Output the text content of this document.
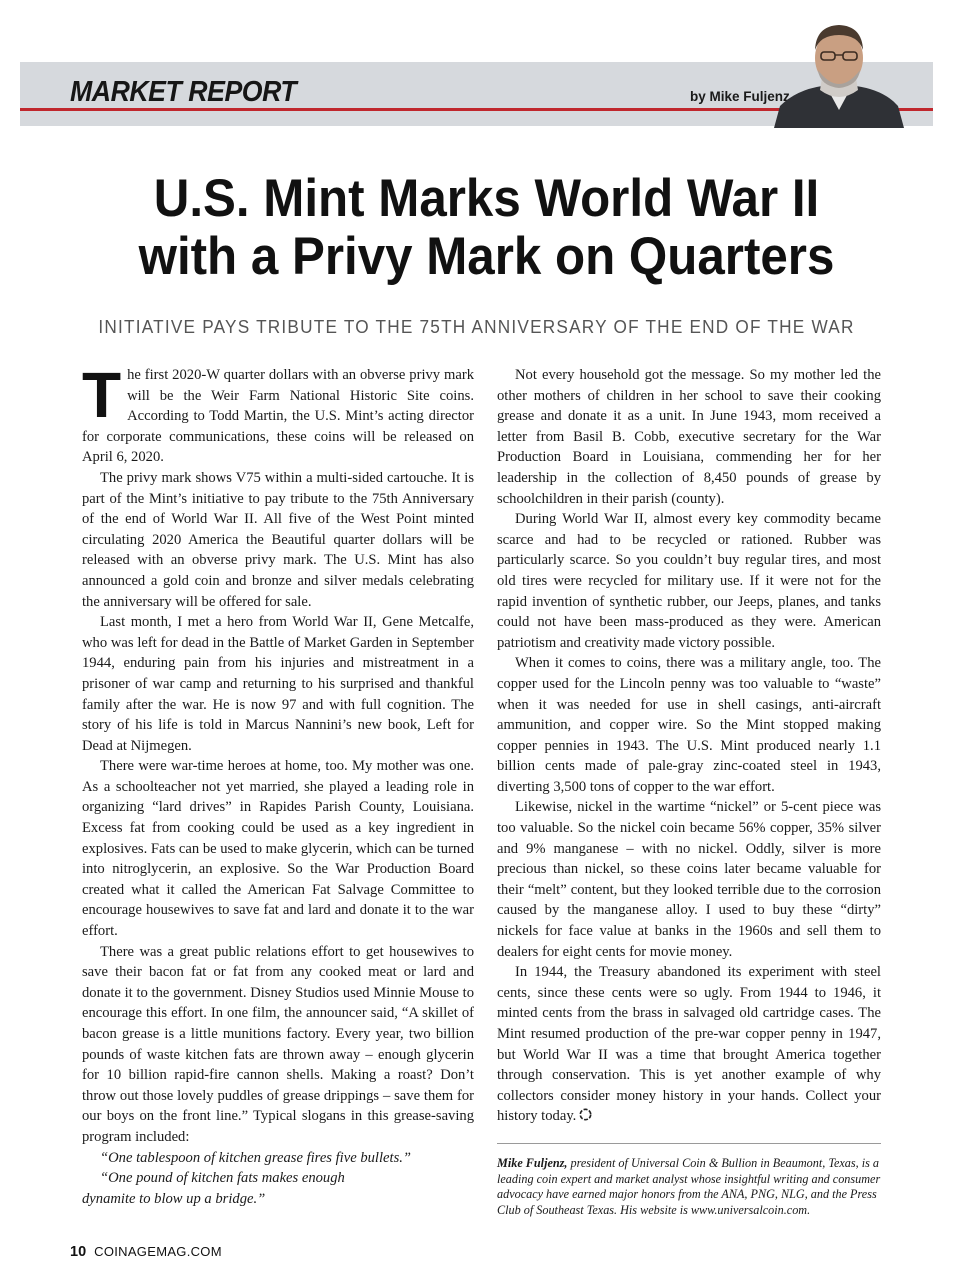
MARKET REPORT	by Mike Fuljenz
U.S. Mint Marks World War II
with a Privy Mark on Quarters
INITIATIVE PAYS TRIBUTE TO THE 75TH ANNIVERSARY OF THE END OF THE WAR

The first 2020-W quarter dollars with an obverse privy mark will be the Weir Farm National Historic Site coins. According to Todd Martin, the U.S. Mint’s acting director for corporate communications, these coins will be released on April 6, 2020.

The privy mark shows V75 within a multi-sided cartouche. It is part of the Mint’s initiative to pay tribute to the 75th Anniversary of the end of World War II. All five of the West Point minted circulating 2020 America the Beautiful quarter dollars will be released with an obverse privy mark. The U.S. Mint has also announced a gold coin and bronze and silver medals celebrating the anniversary will be offered for sale.

Last month, I met a hero from World War II, Gene Metcalfe, who was left for dead in the Battle of Market Garden in September 1944, enduring pain from his injuries and mistreatment in a prisoner of war camp and returning to his surprised and thankful family after the war. He is now 97 and with full cognition. The story of his life is told in Marcus Nannini’s new book, Left for Dead at Nijmegen.

There were war-time heroes at home, too. My mother was one. As a schoolteacher not yet married, she played a leading role in organizing “lard drives” in Rapides Parish County, Louisiana. Excess fat from cooking could be used as a key ingredient in explosives. Fats can be used to make glycerin, which can be turned into nitroglycerin, an explosive. So the War Production Board created what it called the American Fat Salvage Committee to encourage housewives to save fat and lard and donate it to the war effort.

There was a great public relations effort to get housewives to save their bacon fat or fat from any cooked meat or lard and donate it to the government. Disney Studios used Minnie Mouse to encourage this effort. In one film, the announcer said, “A skillet of bacon grease is a little munitions factory. Every year, two billion pounds of waste kitchen fats are thrown away – enough glycerin for 10 billion rapid-fire cannon shells. Making a roast? Don’t throw out those lovely puddles of grease drippings – save them for our boys on the front line.” Typical slogans in this grease-saving program included:

“One tablespoon of kitchen grease fires five bullets.”

“One pound of kitchen fats makes enough

dynamite to blow up a bridge.”

Not every household got the message. So my mother led the other mothers of children in her school to save their cooking grease and donate it as a unit. In June 1943, mom received a letter from Basil B. Cobb, executive secretary for the War Production Board in Louisiana, commending her for her leadership in the collection of 8,450 pounds of grease by schoolchildren in their parish (county).

During World War II, almost every key commodity became scarce and had to be recycled or rationed. Rubber was particularly scarce. So you couldn’t buy regular tires, and most old tires were recycled for military use. If it were not for the rapid invention of synthetic rubber, our Jeeps, planes, and tanks could not have been mass-produced as they were. American patriotism and creativity made victory possible.

When it comes to coins, there was a military angle, too. The copper used for the Lincoln penny was too valuable to “waste” when it was needed for use in shell casings, anti-aircraft ammunition, and copper wire. So the Mint stopped making copper pennies in 1943. The U.S. Mint produced nearly 1.1 billion cents made of pale-gray zinc-coated steel in 1943, diverting 3,500 tons of copper to the war effort.

Likewise, nickel in the wartime “nickel” or 5-cent piece was too valuable. So the nickel coin became 56% copper, 35% silver and 9% manganese – with no nickel. Oddly, silver is more precious than nickel, so these coins later became valuable for their “melt” content, but they looked terrible due to the corrosion caused by the manganese alloy. I used to buy these “dirty” nickels for face value at banks in the 1960s and sell them to dealers for eight cents for movie money.

In 1944, the Treasury abandoned its experiment with steel cents, since these cents were so ugly. From 1944 to 1946, it minted cents from the brass in salvaged old cartridge cases. The Mint resumed production of the pre-war copper penny in 1947, but World War II was a time that brought America together through conservation. This is yet another example of why collectors consider money history in your hands. Collect your history today.

Mike Fuljenz, president of Universal Coin & Bullion in Beaumont, Texas, is a leading coin expert and market analyst whose insightful writing and consumer advocacy have earned major honors from the ANA, PNG, NLG, and the Press Club of Southeast Texas. His website is www.universalcoin.com.
10 COINAGEMAG.COM
